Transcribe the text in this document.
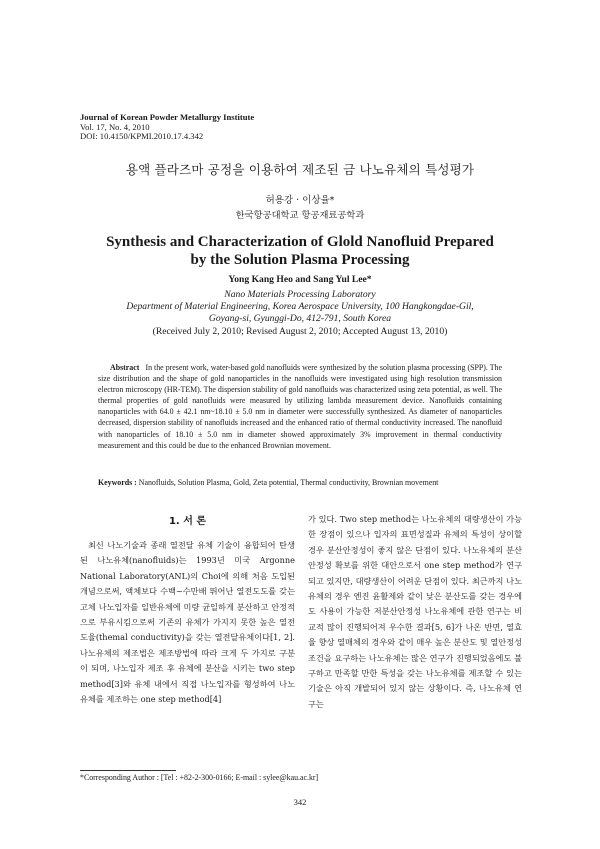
Journal of Korean Powder Metallurgy Institute
Vol. 17, No. 4, 2010
DOI: 10.4150/KPMI.2010.17.4.342
용액 플라즈마 공정을 이용하여 제조된 금 나노유체의 특성평가
허용강 · 이상율*
한국항공대학교 항공재료공학과
Synthesis and Characterization of Glold Nanofluid Prepared
by the Solution Plasma Processing
Yong Kang Heo and Sang Yul Lee*
Nano Materials Processing Laboratory
Department of Material Engineering, Korea Aerospace University, 100 Hangkongdae-Gil,
Goyang-si, Gyunggi-Do, 412-791, South Korea
(Received July 2, 2010; Revised August 2, 2010; Accepted August 13, 2010)
Abstract In the present work, water-based gold nanofluids were synthesized by the solution plasma processing (SPP). The size distribution and the shape of gold nanoparticles in the nanofluids were investigated using high resolution transmission electron microscopy (HR-TEM). The dispersion stability of gold nanofluids was characterized using zeta potential, as well. The thermal properties of gold nanofluids were measured by utilizing lambda measurement device. Nanofluids containing nanoparticles with 64.0 ± 42.1 nm~18.10 ± 5.0 nm in diameter were successfully synthesized. As diameter of nanoparticles decreased, dispersion stability of nanofluids increased and the enhanced ratio of thermal conductivity increased. The nanofluid with nanoparticles of 18.10 ± 5.0 nm in diameter showed approximately 3% improvement in thermal conductivity measurement and this could be due to the enhanced Brownian movement.
Keywords : Nanofluids, Solution Plasma, Gold, Zeta potential, Thermal conductivity, Brownian movement
1. 서 론
최신 나노기술과 종래 열전달 유체 기술이 융합되어 탄생된 나노유체(nanofluids)는 1993년 미국 Argonne National Laboratory(ANL)의 Choi에 의해 처음 도입된 개념으로써, 액체보다 수백~수만배 뛰어난 열전도도를 갖는 고체 나노입자를 일반유체에 미량 균일하게 분산하고 안정적으로 부유시킴으로써 기존의 유체가 가지지 못한 높은 열전도율(themal conductivity)을 갖는 열전달유체이다[1, 2]. 나노유체의 제조법은 제조방법에 따라 크게 두 가지로 구분이 되며, 나노입자 제조 후 유체에 분산을 시키는 two step method[3]와 유체 내에서 직접 나노입자를 형성하여 나노유체를 제조하는 one step method[4]
가 있다. Two step method는 나노유체의 대량생산이 가능한 장점이 있으나 입자의 표면성질과 유체의 특성이 상이할 경우 분산안정성이 좋지 않은 단점이 있다. 나노유체의 분산안정성 확보를 위한 대안으로서 one step method가 연구되고 있지만, 대량생산이 어려운 단점이 있다. 최근까지 나노유체의 경우 엔진 윤활제와 같이 낮은 분산도를 갖는 경우에도 사용이 가능한 저분산안정성 나노유체에 관한 연구는 비교적 많이 진행되어져 우수한 결과[5, 6]가 나온 반면, 열효율 향상 열매체의 경우와 같이 매우 높은 분산도 및 열안정성 조건을 요구하는 나노유체는 많은 연구가 진행되었음에도 불구하고 만족할 만한 특성을 갖는 나노유체를 제조할 수 있는 기술은 아직 개발되어 있지 않는 상황이다. 즉, 나노유체 연구는
*Corresponding Author : [Tel : +82-2-300-0166; E-mail : sylee@kau.ac.kr]
342
